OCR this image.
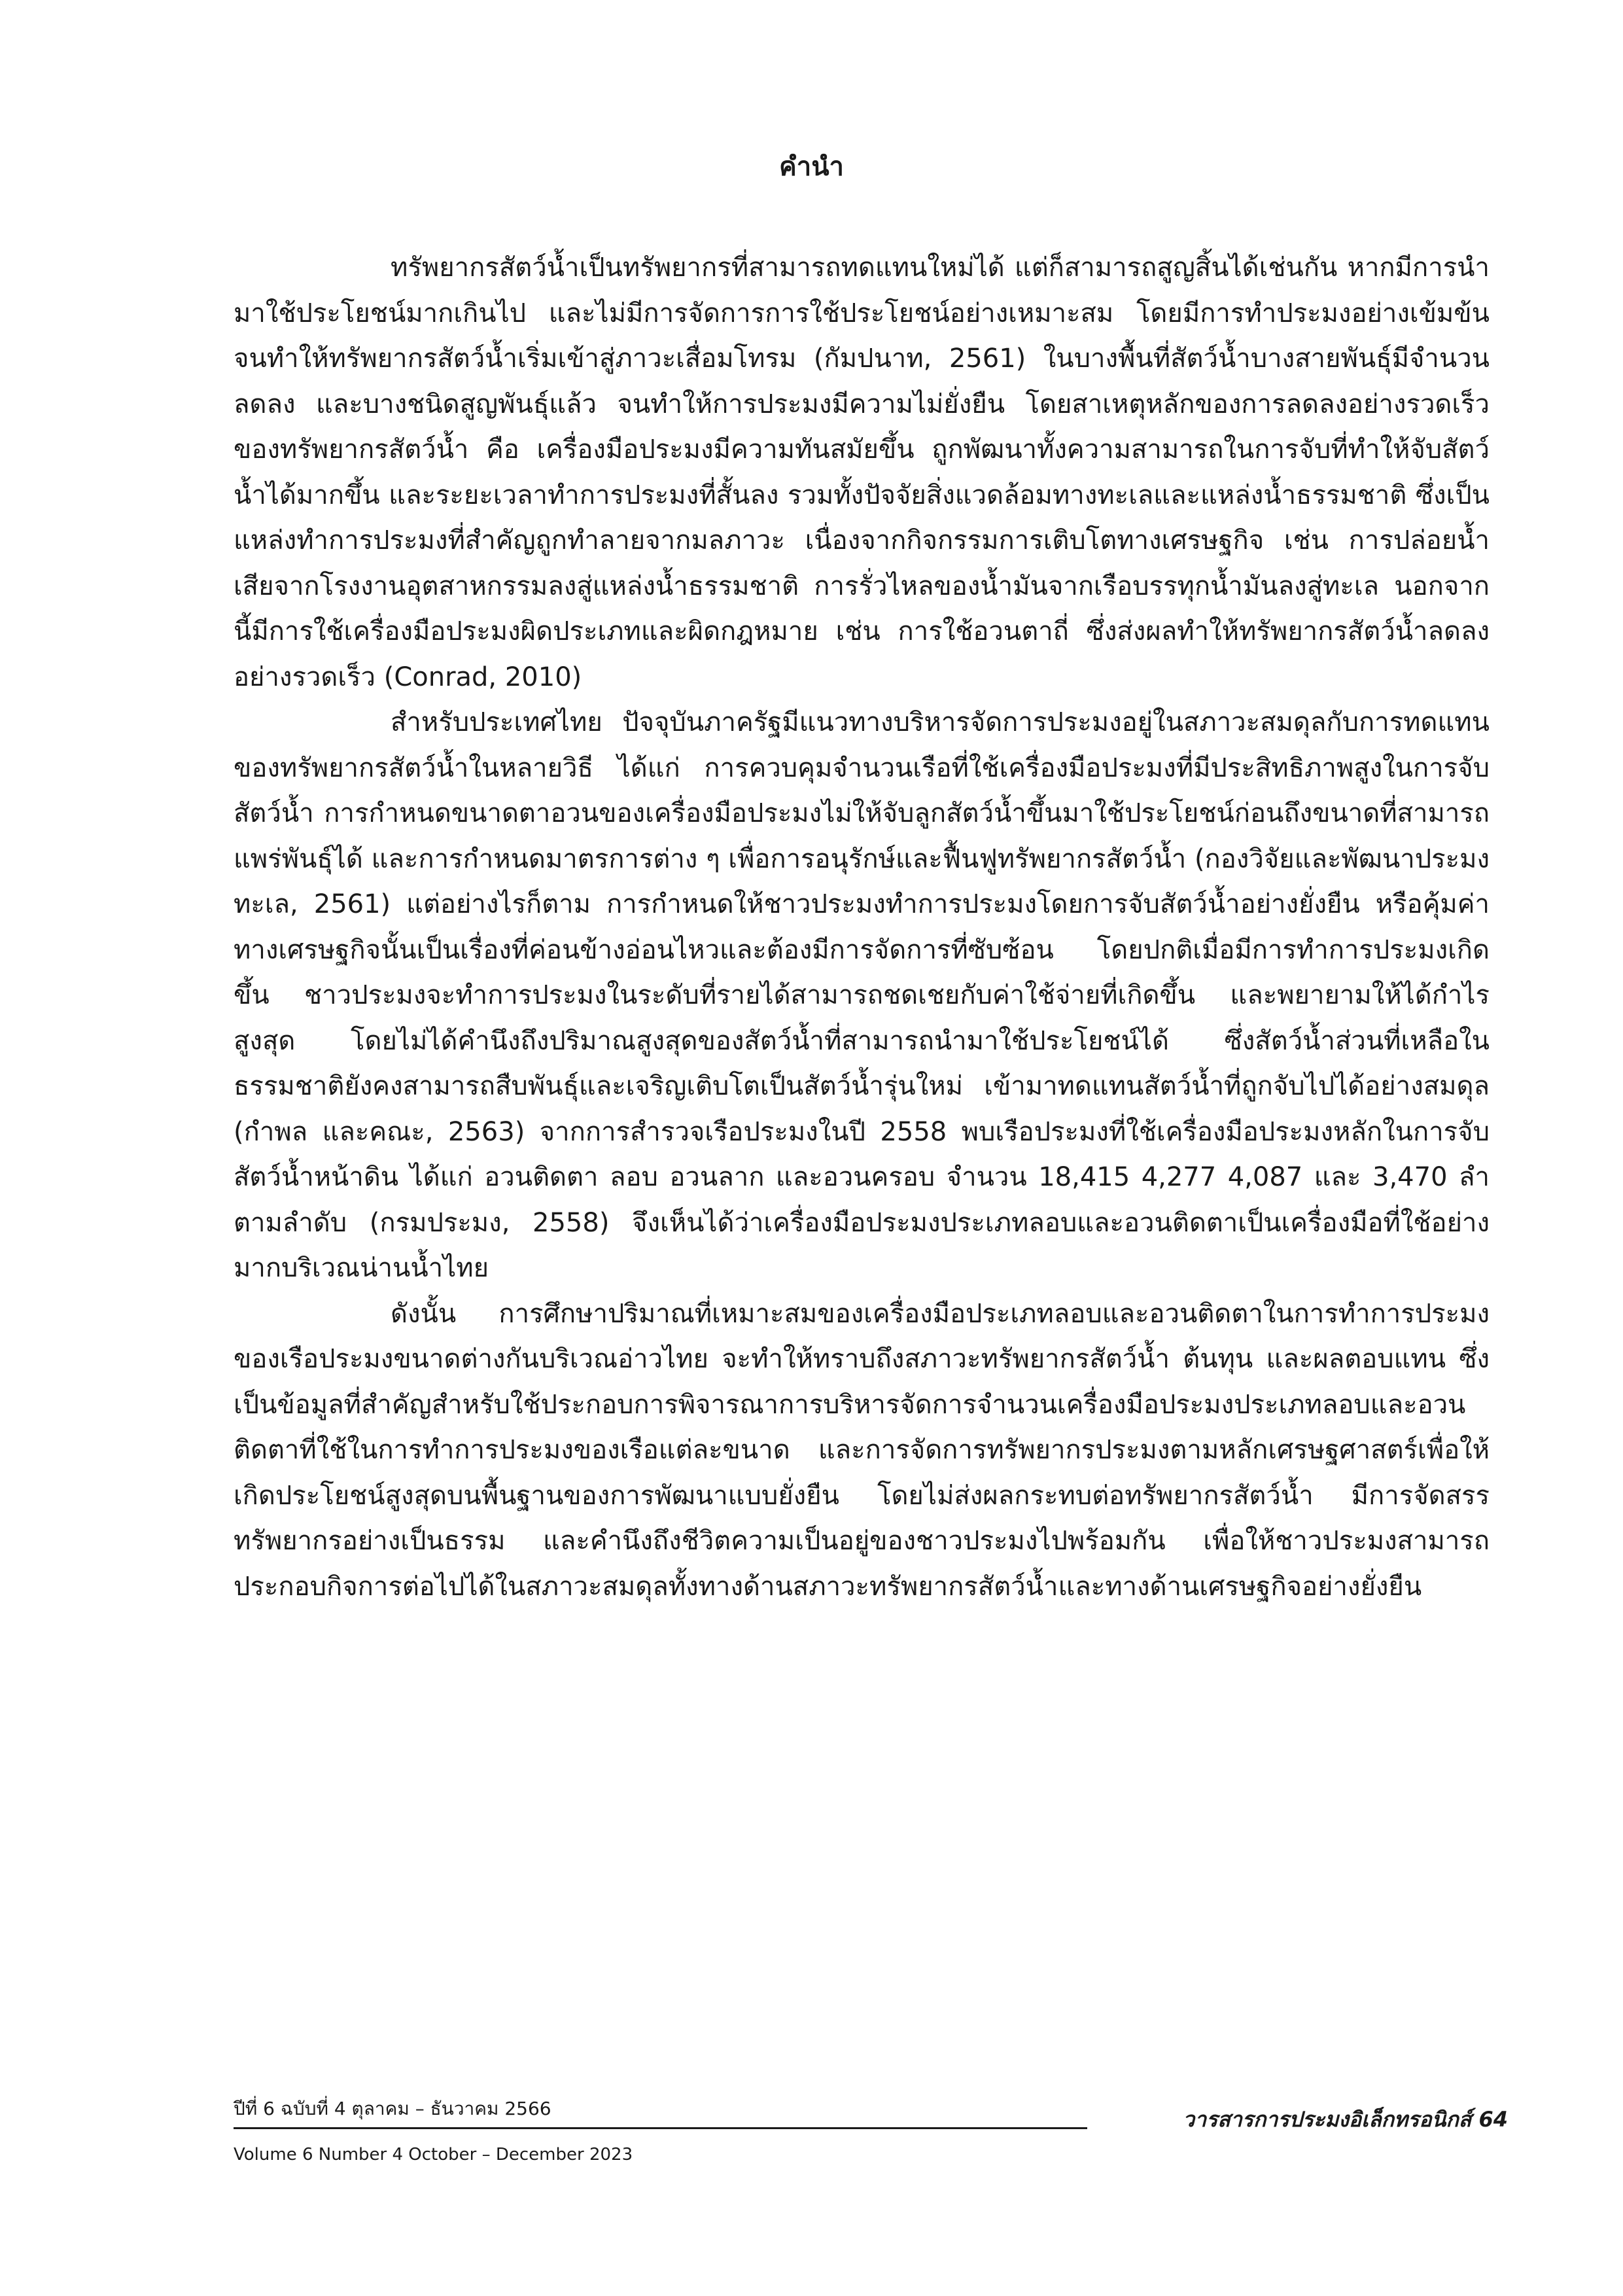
คำนำ

ทรัพยากรสัตว์น้ำเป็นทรัพยากรที่สามารถทดแทนใหม่ได้ แต่ก็สามารถสูญสิ้นได้เช่นกัน หากมีการนำมาใช้ประโยชน์มากเกินไป และไม่มีการจัดการการใช้ประโยชน์อย่างเหมาะสม โดยมีการทำประมงอย่างเข้มข้นจนทำให้ทรัพยากรสัตว์น้ำเริ่มเข้าสู่ภาวะเสื่อมโทรม (กัมปนาท, 2561) ในบางพื้นที่สัตว์น้ำบางสายพันธุ์มีจำนวนลดลง และบางชนิดสูญพันธุ์แล้ว จนทำให้การประมงมีความไม่ยั่งยืน โดยสาเหตุหลักของการลดลงอย่างรวดเร็วของทรัพยากรสัตว์น้ำ คือ เครื่องมือประมงมีความทันสมัยขึ้น ถูกพัฒนาทั้งความสามารถในการจับที่ทำให้จับสัตว์น้ำได้มากขึ้น และระยะเวลาทำการประมงที่สั้นลง รวมทั้งปัจจัยสิ่งแวดล้อมทางทะเลและแหล่งน้ำธรรมชาติ ซึ่งเป็นแหล่งทำการประมงที่สำคัญถูกทำลายจากมลภาวะ เนื่องจากกิจกรรมการเติบโตทางเศรษฐกิจ เช่น การปล่อยน้ำเสียจากโรงงานอุตสาหกรรมลงสู่แหล่งน้ำธรรมชาติ การรั่วไหลของน้ำมันจากเรือบรรทุกน้ำมันลงสู่ทะเล นอกจากนี้มีการใช้เครื่องมือประมงผิดประเภทและผิดกฎหมาย เช่น การใช้อวนตาถี่ ซึ่งส่งผลทำให้ทรัพยากรสัตว์น้ำลดลงอย่างรวดเร็ว (Conrad, 2010)

สำหรับประเทศไทย ปัจจุบันภาครัฐมีแนวทางบริหารจัดการประมงอยู่ในสภาวะสมดุลกับการทดแทนของทรัพยากรสัตว์น้ำในหลายวิธี ได้แก่ การควบคุมจำนวนเรือที่ใช้เครื่องมือประมงที่มีประสิทธิภาพสูงในการจับสัตว์น้ำ การกำหนดขนาดตาอวนของเครื่องมือประมงไม่ให้จับลูกสัตว์น้ำขึ้นมาใช้ประโยชน์ก่อนถึงขนาดที่สามารถแพร่พันธุ์ได้ และการกำหนดมาตรการต่าง ๆ เพื่อการอนุรักษ์และฟื้นฟูทรัพยากรสัตว์น้ำ (กองวิจัยและพัฒนาประมงทะเล, 2561) แต่อย่างไรก็ตาม การกำหนดให้ชาวประมงทำการประมงโดยการจับสัตว์น้ำอย่างยั่งยืน หรือคุ้มค่าทางเศรษฐกิจนั้นเป็นเรื่องที่ค่อนข้างอ่อนไหวและต้องมีการจัดการที่ซับซ้อน โดยปกติเมื่อมีการทำการประมงเกิดขึ้น ชาวประมงจะทำการประมงในระดับที่รายได้สามารถชดเชยกับค่าใช้จ่ายที่เกิดขึ้น และพยายามให้ได้กำไรสูงสุด โดยไม่ได้คำนึงถึงปริมาณสูงสุดของสัตว์น้ำที่สามารถนำมาใช้ประโยชน์ได้ ซึ่งสัตว์น้ำส่วนที่เหลือในธรรมชาติยังคงสามารถสืบพันธุ์และเจริญเติบโตเป็นสัตว์น้ำรุ่นใหม่ เข้ามาทดแทนสัตว์น้ำที่ถูกจับไปได้อย่างสมดุล (กำพล และคณะ, 2563) จากการสำรวจเรือประมงในปี 2558 พบเรือประมงที่ใช้เครื่องมือประมงหลักในการจับสัตว์น้ำหน้าดิน ได้แก่ อวนติดตา ลอบ อวนลาก และอวนครอบ จำนวน 18,415 4,277 4,087 และ 3,470 ลำ ตามลำดับ (กรมประมง, 2558) จึงเห็นได้ว่าเครื่องมือประมงประเภทลอบและอวนติดตาเป็นเครื่องมือที่ใช้อย่างมากบริเวณน่านน้ำไทย

ดังนั้น การศึกษาปริมาณที่เหมาะสมของเครื่องมือประเภทลอบและอวนติดตาในการทำการประมงของเรือประมงขนาดต่างกันบริเวณอ่าวไทย จะทำให้ทราบถึงสภาวะทรัพยากรสัตว์น้ำ ต้นทุน และผลตอบแทน ซึ่งเป็นข้อมูลที่สำคัญสำหรับใช้ประกอบการพิจารณาการบริหารจัดการจำนวนเครื่องมือประมงประเภทลอบและอวนติดตาที่ใช้ในการทำการประมงของเรือแต่ละขนาด และการจัดการทรัพยากรประมงตามหลักเศรษฐศาสตร์เพื่อให้เกิดประโยชน์สูงสุดบนพื้นฐานของการพัฒนาแบบยั่งยืน โดยไม่ส่งผลกระทบต่อทรัพยากรสัตว์น้ำ มีการจัดสรรทรัพยากรอย่างเป็นธรรม และคำนึงถึงชีวิตความเป็นอยู่ของชาวประมงไปพร้อมกัน เพื่อให้ชาวประมงสามารถประกอบกิจการต่อไปได้ในสภาวะสมดุลทั้งทางด้านสภาวะทรัพยากรสัตว์น้ำและทางด้านเศรษฐกิจอย่างยั่งยืน

ปีที่ 6 ฉบับที่ 4 ตุลาคม – ธันวาคม 2566	วารสารการประมงอิเล็กทรอนิกส์ 64
Volume 6 Number 4 October – December 2023
